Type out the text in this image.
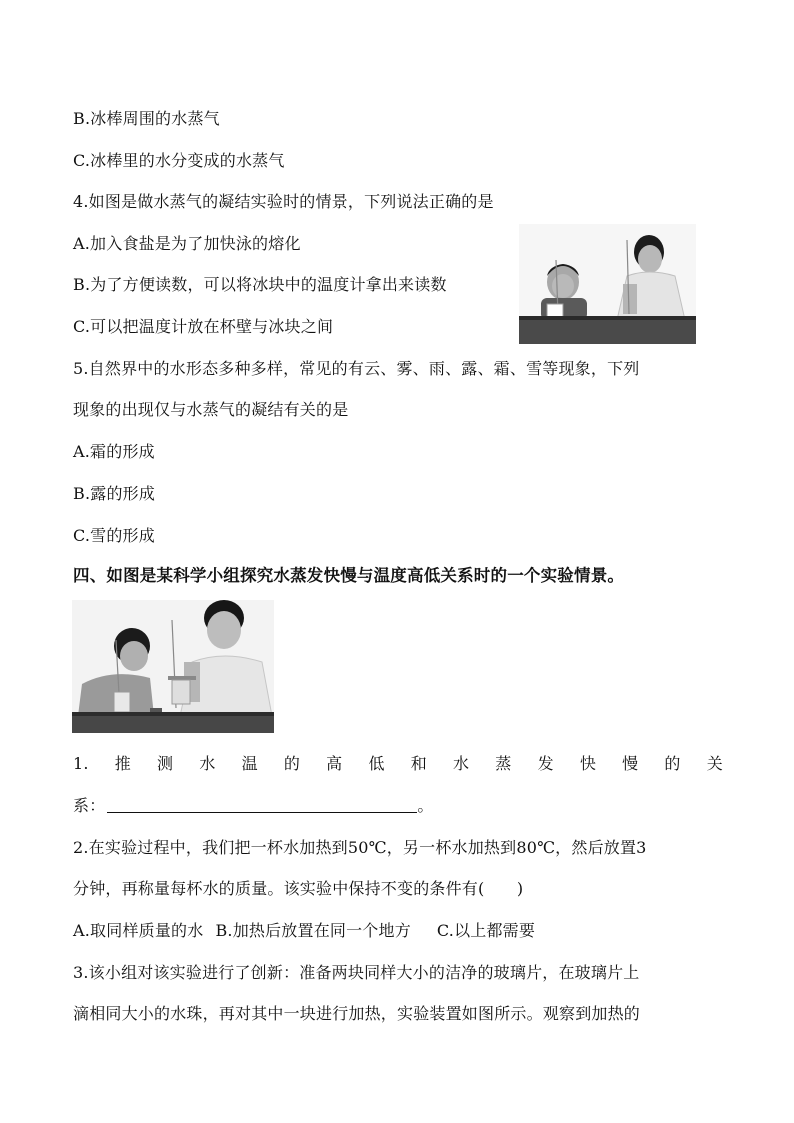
B.冰棒周围的水蒸气
C.冰棒里的水分变成的水蒸气
4.如图是做水蒸气的凝结实验时的情景，下列说法正确的是
A.加入食盐是为了加快泳的熔化
B.为了方便读数，可以将冰块中的温度计拿出来读数
C.可以把温度计放在杯壁与冰块之间
5.自然界中的水形态多种多样，常见的有云、雾、雨、露、霜、雪等现象，下列
现象的出现仅与水蒸气的凝结有关的是
A.霜的形成
B.露的形成
C.雪的形成
四、如图是某科学小组探究水蒸发快慢与温度高低关系时的一个实验情景。
1. 推 测 水 温 的 高 低 和 水 蒸 发 快 慢 的 关
系：	。
2.在实验过程中，我们把一杯水加热到50℃，另一杯水加热到80℃，然后放置3
分钟，再称量每杯水的质量。该实验中保持不变的条件有(　　)
A.取同样质量的水 B.加热后放置在同一个地方 C.以上都需要
3.该小组对该实验进行了创新：准备两块同样大小的洁净的玻璃片，在玻璃片上
滴相同大小的水珠，再对其中一块进行加热，实验装置如图所示。观察到加热的
